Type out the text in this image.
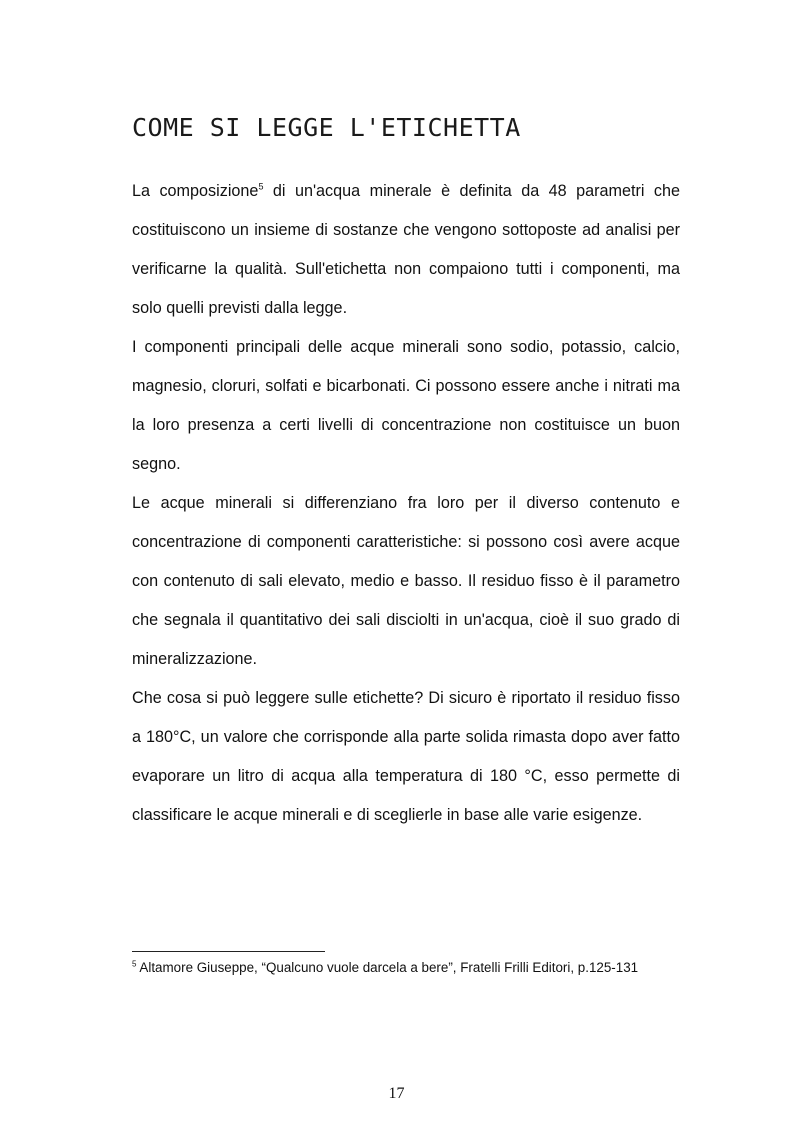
COME SI LEGGE L'ETICHETTA

La composizione$^5$ di un'acqua minerale è definita da 48 parametri che costituiscono un insieme di sostanze che vengono sottoposte ad analisi per verificarne la qualità. Sull'etichetta non compaiono tutti i componenti, ma solo quelli previsti dalla legge.

I componenti principali delle acque minerali sono sodio, potassio, calcio, magnesio, cloruri, solfati e bicarbonati. Ci possono essere anche i nitrati ma la loro presenza a certi livelli di concentrazione non costituisce un buon segno.

Le acque minerali si differenziano fra loro per il diverso contenuto e concentrazione di componenti caratteristiche: si possono così avere acque con contenuto di sali elevato, medio e basso. Il residuo fisso è il parametro che segnala il quantitativo dei sali disciolti in un'acqua, cioè il suo grado di mineralizzazione.

Che cosa si può leggere sulle etichette? Di sicuro è riportato il residuo fisso a 180°C, un valore che corrisponde alla parte solida rimasta dopo aver fatto evaporare un litro di acqua alla temperatura di 180 °C, esso permette di classificare le acque minerali e di sceglierle in base alle varie esigenze.

$^5$ Altamore Giuseppe, “Qualcuno vuole darcela a bere”, Fratelli Frilli Editori, p.125-131
17
